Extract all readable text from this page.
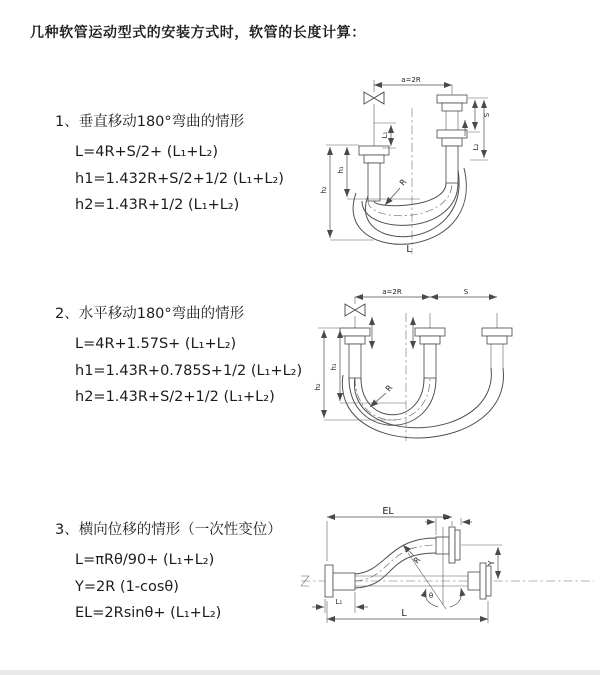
几种软管运动型式的安装方式时，软管的长度计算：
1、垂直移动180°弯曲的情形
L=4R+S/2+ (L₁+L₂)
h1=1.432R+S/2+1/2 (L₁+L₂)
h2=1.43R+1/2 (L₁+L₂)
a=2R
S
L₂
L₁
h₁
h₂
R
L
2、水平移动180°弯曲的情形
L=4R+1.57S+ (L₁+L₂)
h1=1.43R+0.785S+1/2 (L₁+L₂)
h2=1.43R+S/2+1/2 (L₁+L₂)
a=2R	S
h₁
h₂	R
3、横向位移的情形（一次性变位）
L=πRθ/90+ (L₁+L₂)
Y=2R (1-cosθ)
EL=2Rsinθ+ (L₁+L₂)
EL	L₂
Y
R
θ
L₁
L
